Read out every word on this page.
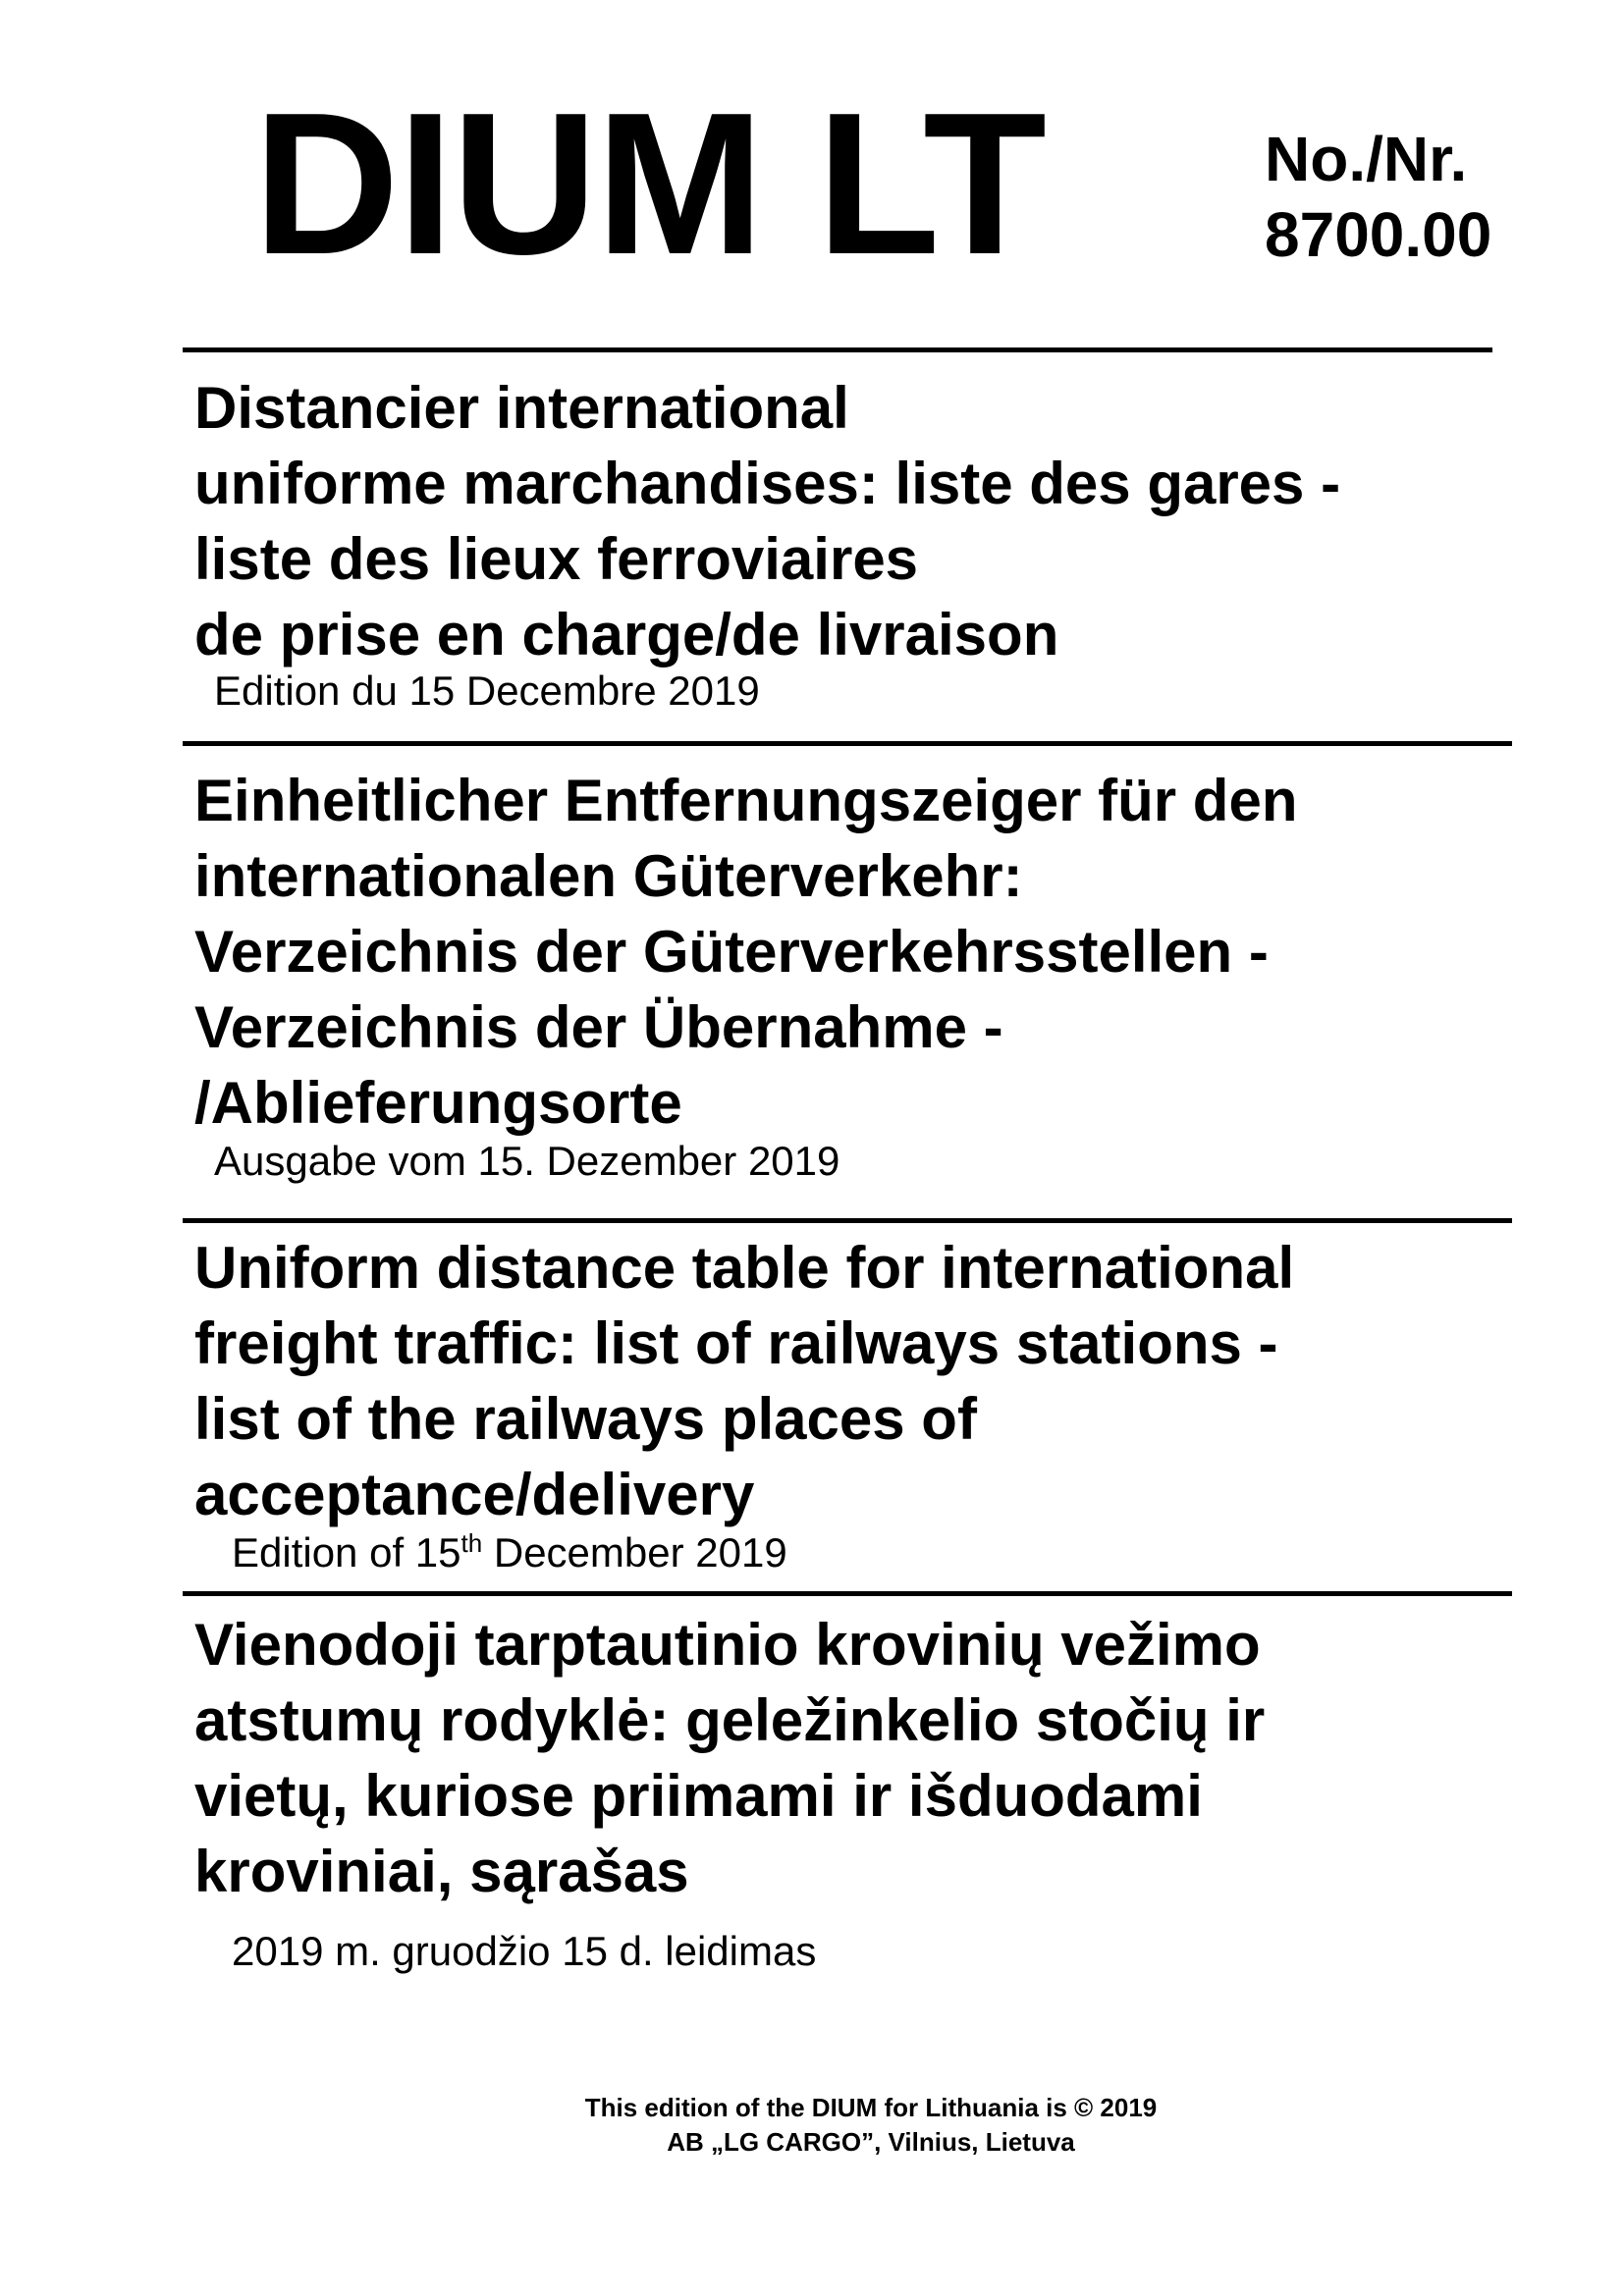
DIUM LT	No./Nr.
8700.00
Distancier international
uniforme marchandises: liste des gares -
liste des lieux ferroviaires
de prise en charge/de livraison
Edition du 15 Decembre 2019
Einheitlicher Entfernungszeiger für den
internationalen Güterverkehr:
Verzeichnis der Güterverkehrsstellen -
Verzeichnis der Übernahme -
/Ablieferungsorte
Ausgabe vom 15. Dezember 2019
Uniform distance table for international
freight traffic: list of railways stations -
list of the railways places of
acceptance/delivery
Edition of 15th December 2019
Vienodoji tarptautinio krovinių vežimo
atstumų rodyklė: geležinkelio stočių ir
vietų, kuriose priimami ir išduodami
kroviniai, sąrašas
2019 m. gruodžio 15 d. leidimas
This edition of the DIUM for Lithuania is © 2019
AB „LG CARGO”, Vilnius, Lietuva
